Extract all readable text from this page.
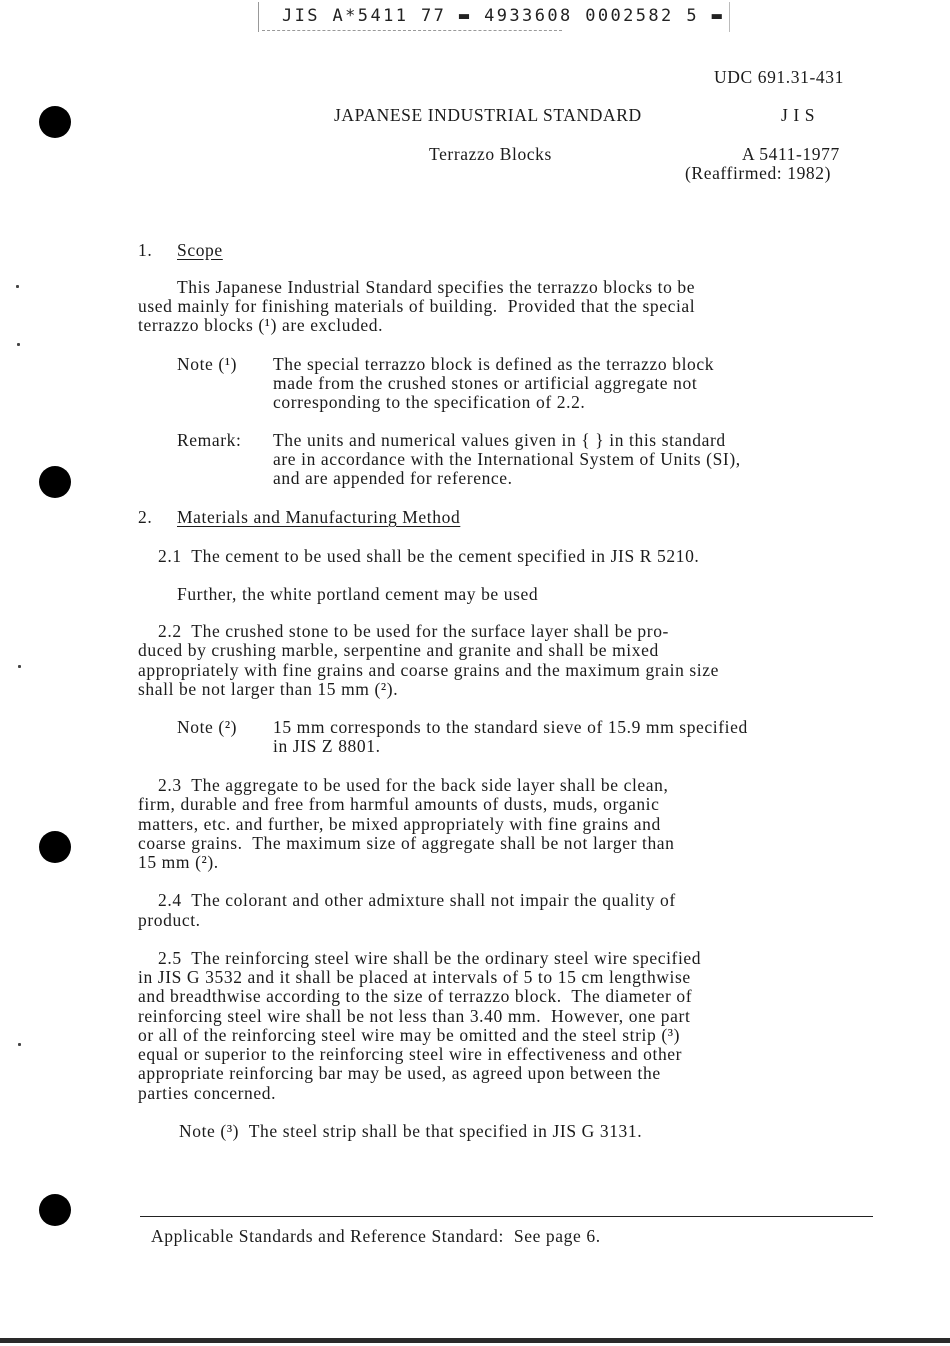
JIS A*5411 77 ▬ 4933608 0002582 5 ▬
UDC 691.31-431
JAPANESE INDUSTRIAL STANDARD	J I S
Terrazzo Blocks	A 5411-1977
(Reaffirmed: 1982)
1. Scope
This Japanese Industrial Standard specifies the terrazzo blocks to be
used mainly for finishing materials of building.  Provided that the special
terrazzo blocks (¹) are excluded.
Note (¹) The special terrazzo block is defined as the terrazzo block
made from the crushed stones or artificial aggregate not
corresponding to the specification of 2.2.
Remark: The units and numerical values given in { } in this standard
are in accordance with the International System of Units (SI),
and are appended for reference.
2. Materials and Manufacturing Method
2.1  The cement to be used shall be the cement specified in JIS R 5210.
Further, the white portland cement may be used
2.2  The crushed stone to be used for the surface layer shall be pro-
duced by crushing marble, serpentine and granite and shall be mixed
appropriately with fine grains and coarse grains and the maximum grain size
shall be not larger than 15 mm (²).
Note (²) 15 mm corresponds to the standard sieve of 15.9 mm specified
in JIS Z 8801.
2.3  The aggregate to be used for the back side layer shall be clean,
firm, durable and free from harmful amounts of dusts, muds, organic
matters, etc. and further, be mixed appropriately with fine grains and
coarse grains.  The maximum size of aggregate shall be not larger than
15 mm (²).
2.4  The colorant and other admixture shall not impair the quality of
product.
2.5  The reinforcing steel wire shall be the ordinary steel wire specified
in JIS G 3532 and it shall be placed at intervals of 5 to 15 cm lengthwise
and breadthwise according to the size of terrazzo block.  The diameter of
reinforcing steel wire shall be not less than 3.40 mm.  However, one part
or all of the reinforcing steel wire may be omitted and the steel strip (³)
equal or superior to the reinforcing steel wire in effectiveness and other
appropriate reinforcing bar may be used, as agreed upon between the
parties concerned.
Note (³)  The steel strip shall be that specified in JIS G 3131.
Applicable Standards and Reference Standard:  See page 6.
